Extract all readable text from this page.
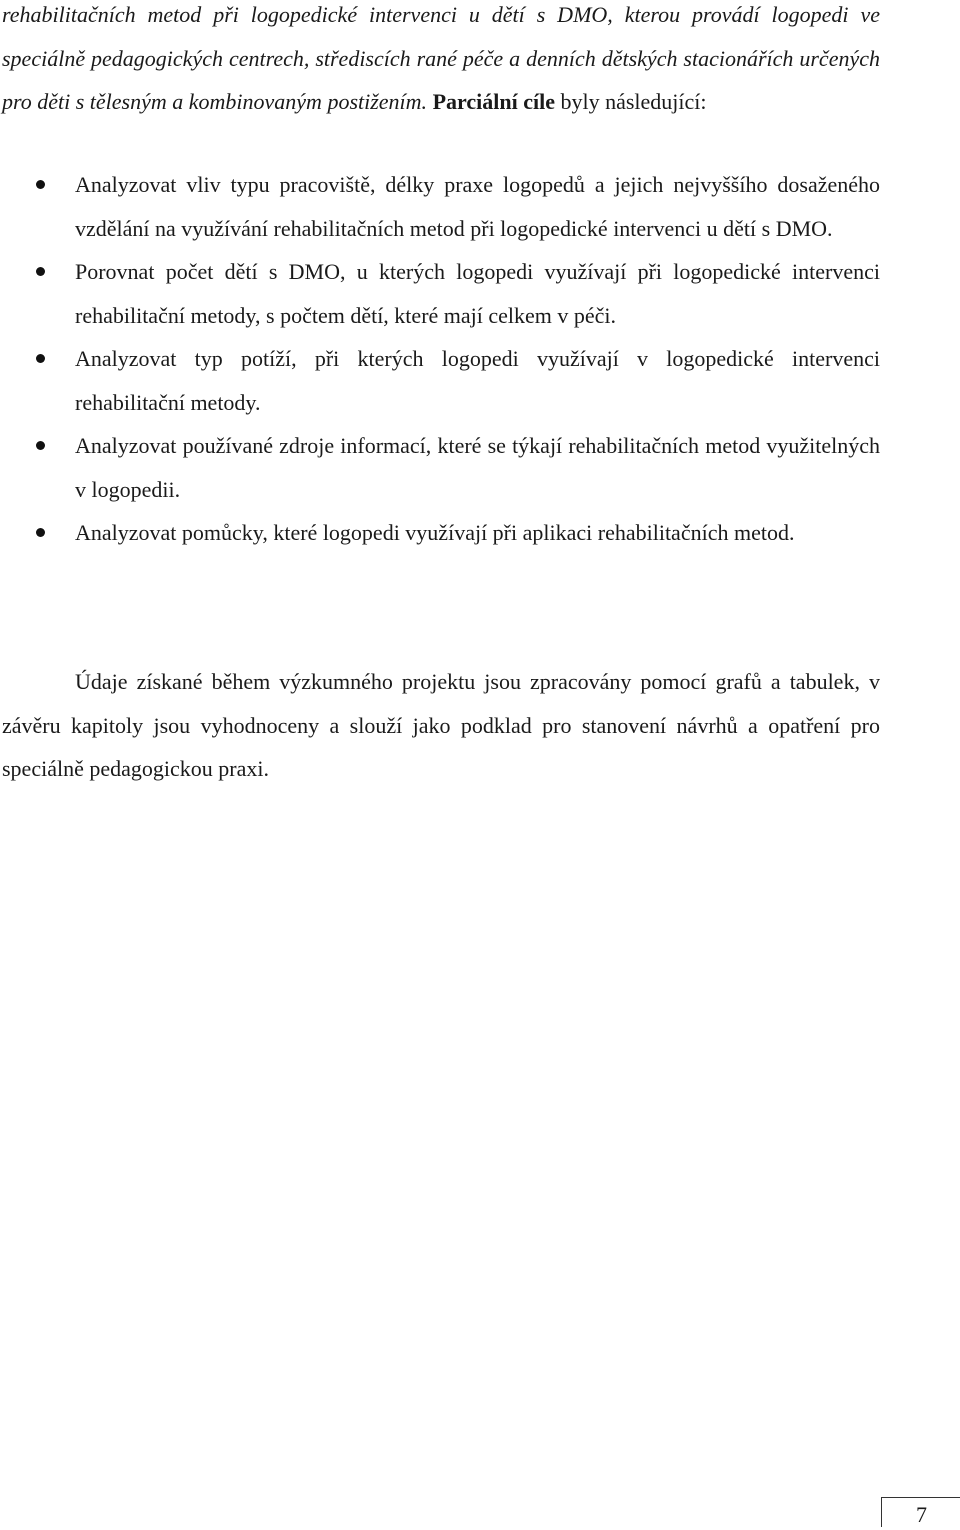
rehabilitačních metod při logopedické intervenci u dětí s DMO, kterou provádí logopedi ve speciálně pedagogických centrech, střediscích rané péče a denních dětských stacionářích určených pro děti s tělesným a kombinovaným postižením. Parciální cíle byly následující:

Analyzovat vliv typu pracoviště, délky praxe logopedů a jejich nejvyššího dosaženého vzdělání na využívání rehabilitačních metod při logopedické intervenci u dětí s DMO.
Porovnat počet dětí s DMO, u kterých logopedi využívají při logopedické intervenci rehabilitační metody, s počtem dětí, které mají celkem v péči.
Analyzovat typ potíží, při kterých logopedi využívají v logopedické intervenci rehabilitační metody.
Analyzovat používané zdroje informací, které se týkají rehabilitačních metod využitelných v logopedii.
Analyzovat pomůcky, které logopedi využívají při aplikaci rehabilitačních metod.

Údaje získané během výzkumného projektu jsou zpracovány pomocí grafů a tabulek, v závěru kapitoly jsou vyhodnoceny a slouží jako podklad pro stanovení návrhů a opatření pro speciálně pedagogickou praxi.

7
